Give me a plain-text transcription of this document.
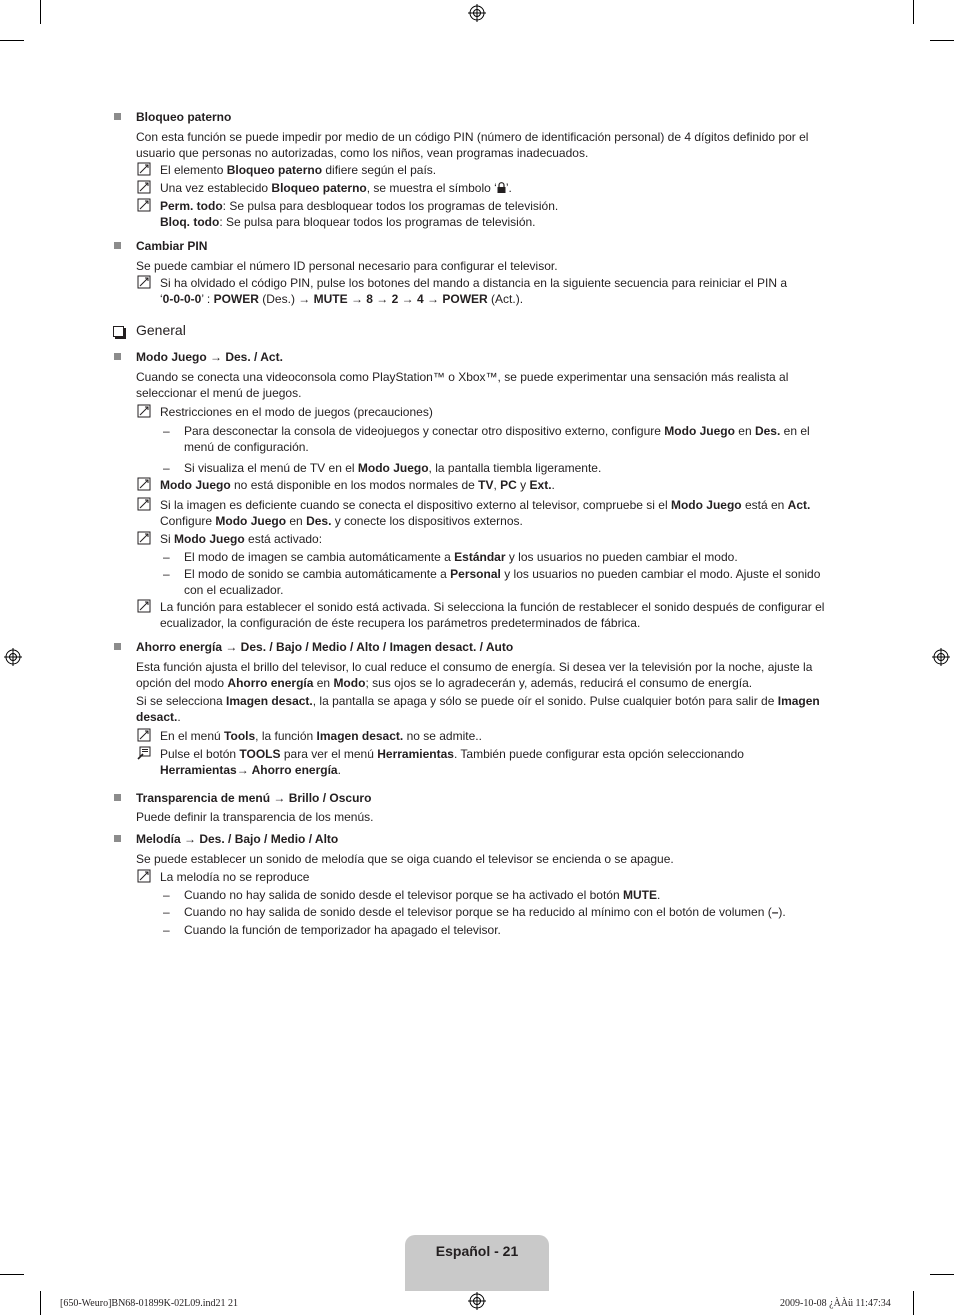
Bloqueo paterno
Con esta función se puede impedir por medio de un código PIN (número de identificación personal) de 4 dígitos definido por el usuario que personas no autorizadas, como los niños, vean programas inadecuados.
El elemento Bloqueo paterno difiere según el país.
Una vez establecido Bloqueo paterno, se muestra el símbolo ‘ ’.
Perm. todo: Se pulsa para desbloquear todos los programas de televisión.
Bloq. todo: Se pulsa para bloquear todos los programas de televisión.
Cambiar PIN
Se puede cambiar el número ID personal necesario para configurar el televisor.
Si ha olvidado el código PIN, pulse los botones del mando a distancia en la siguiente secuencia para reiniciar el PIN a
‘0-0-0-0’ : POWER (Des.) → MUTE → 8 → 2 → 4 → POWER (Act.).
General
Modo Juego → Des. / Act.
Cuando se conecta una videoconsola como PlayStation™ o Xbox™, se puede experimentar una sensación más realista al seleccionar el menú de juegos.
Restricciones en el modo de juegos (precauciones)
– Para desconectar la consola de videojuegos y conectar otro dispositivo externo, configure Modo Juego en Des. en el menú de configuración.
– Si visualiza el menú de TV en el Modo Juego, la pantalla tiembla ligeramente.
Modo Juego no está disponible en los modos normales de TV, PC y Ext..
Si la imagen es deficiente cuando se conecta el dispositivo externo al televisor, compruebe si el Modo Juego está en Act.
Configure Modo Juego en Des. y conecte los dispositivos externos.
Si Modo Juego está activado:
– El modo de imagen se cambia automáticamente a Estándar y los usuarios no pueden cambiar el modo.
– El modo de sonido se cambia automáticamente a Personal y los usuarios no pueden cambiar el modo. Ajuste el sonido con el ecualizador.
La función para establecer el sonido está activada. Si selecciona la función de restablecer el sonido después de configurar el ecualizador, la configuración de éste recupera los parámetros predeterminados de fábrica.
Ahorro energía → Des. / Bajo / Medio / Alto / Imagen desact. / Auto
Esta función ajusta el brillo del televisor, lo cual reduce el consumo de energía. Si desea ver la televisión por la noche, ajuste la opción del modo Ahorro energía en Modo; sus ojos se lo agradecerán y, además, reducirá el consumo de energía.
Si se selecciona Imagen desact., la pantalla se apaga y sólo se puede oír el sonido. Pulse cualquier botón para salir de Imagen desact..
En el menú Tools, la función Imagen desact. no se admite..
Pulse el botón TOOLS para ver el menú Herramientas. También puede configurar esta opción seleccionando
Herramientas→ Ahorro energía.
Transparencia de menú → Brillo / Oscuro
Puede definir la transparencia de los menús.
Melodía → Des. / Bajo / Medio / Alto
Se puede establecer un sonido de melodía que se oiga cuando el televisor se encienda o se apague.
La melodía no se reproduce
– Cuando no hay salida de sonido desde el televisor porque se ha activado el botón MUTE.
– Cuando no hay salida de sonido desde el televisor porque se ha reducido al mínimo con el botón de volumen (–).
– Cuando la función de temporizador ha apagado el televisor.
Español - 21
[650-Weuro]BN68-01899K-02L09.ind21 21	2009-10-08 ¿ÀÀü 11:47:34
